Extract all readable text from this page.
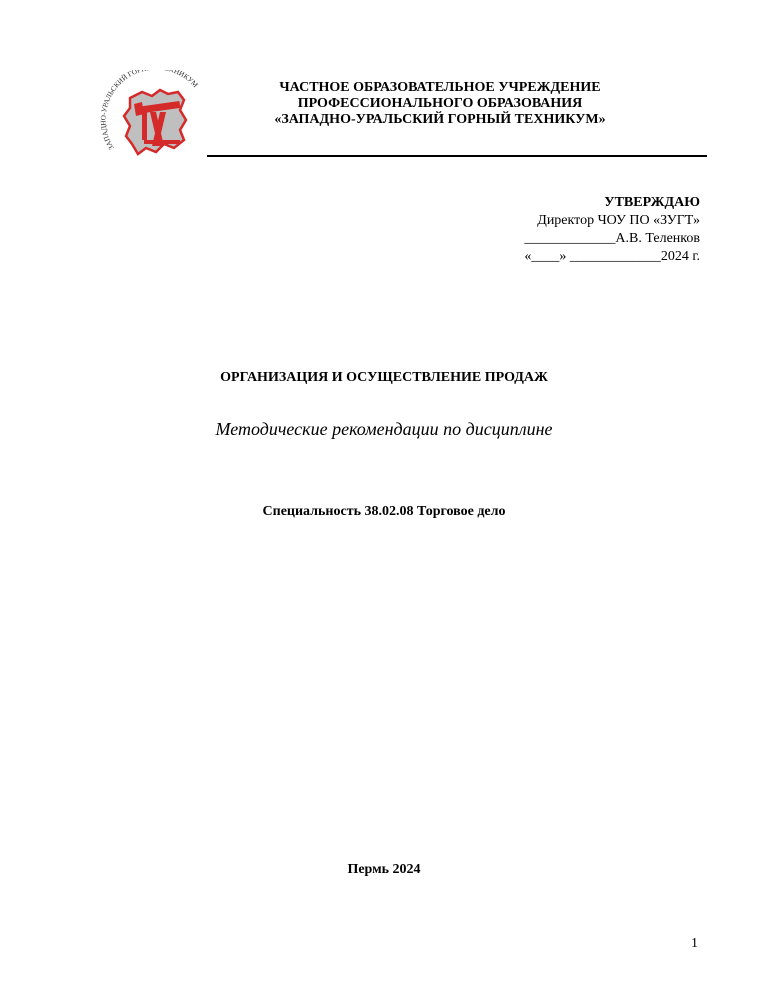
ЗАПАДНО-УРАЛЬСКИЙ ГОР НИКУМ	ЧАСТНОЕ ОБРАЗОВАТЕЛЬНОЕ УЧРЕЖДЕНИЕ
ПРОФЕССИОНАЛЬНОГО ОБРАЗОВАНИЯ
«ЗАПАДНО-УРАЛЬСКИЙ ГОРНЫЙ ТЕХНИКУМ»
УТВЕРЖДАЮ
Директор ЧОУ ПО «ЗУГТ»
_____________А.В. Теленков
«____» _____________2024 г.
ОРГАНИЗАЦИЯ И ОСУЩЕСТВЛЕНИЕ ПРОДАЖ
Методические рекомендации по дисциплине
Специальность 38.02.08 Торговое дело
Пермь 2024
1
